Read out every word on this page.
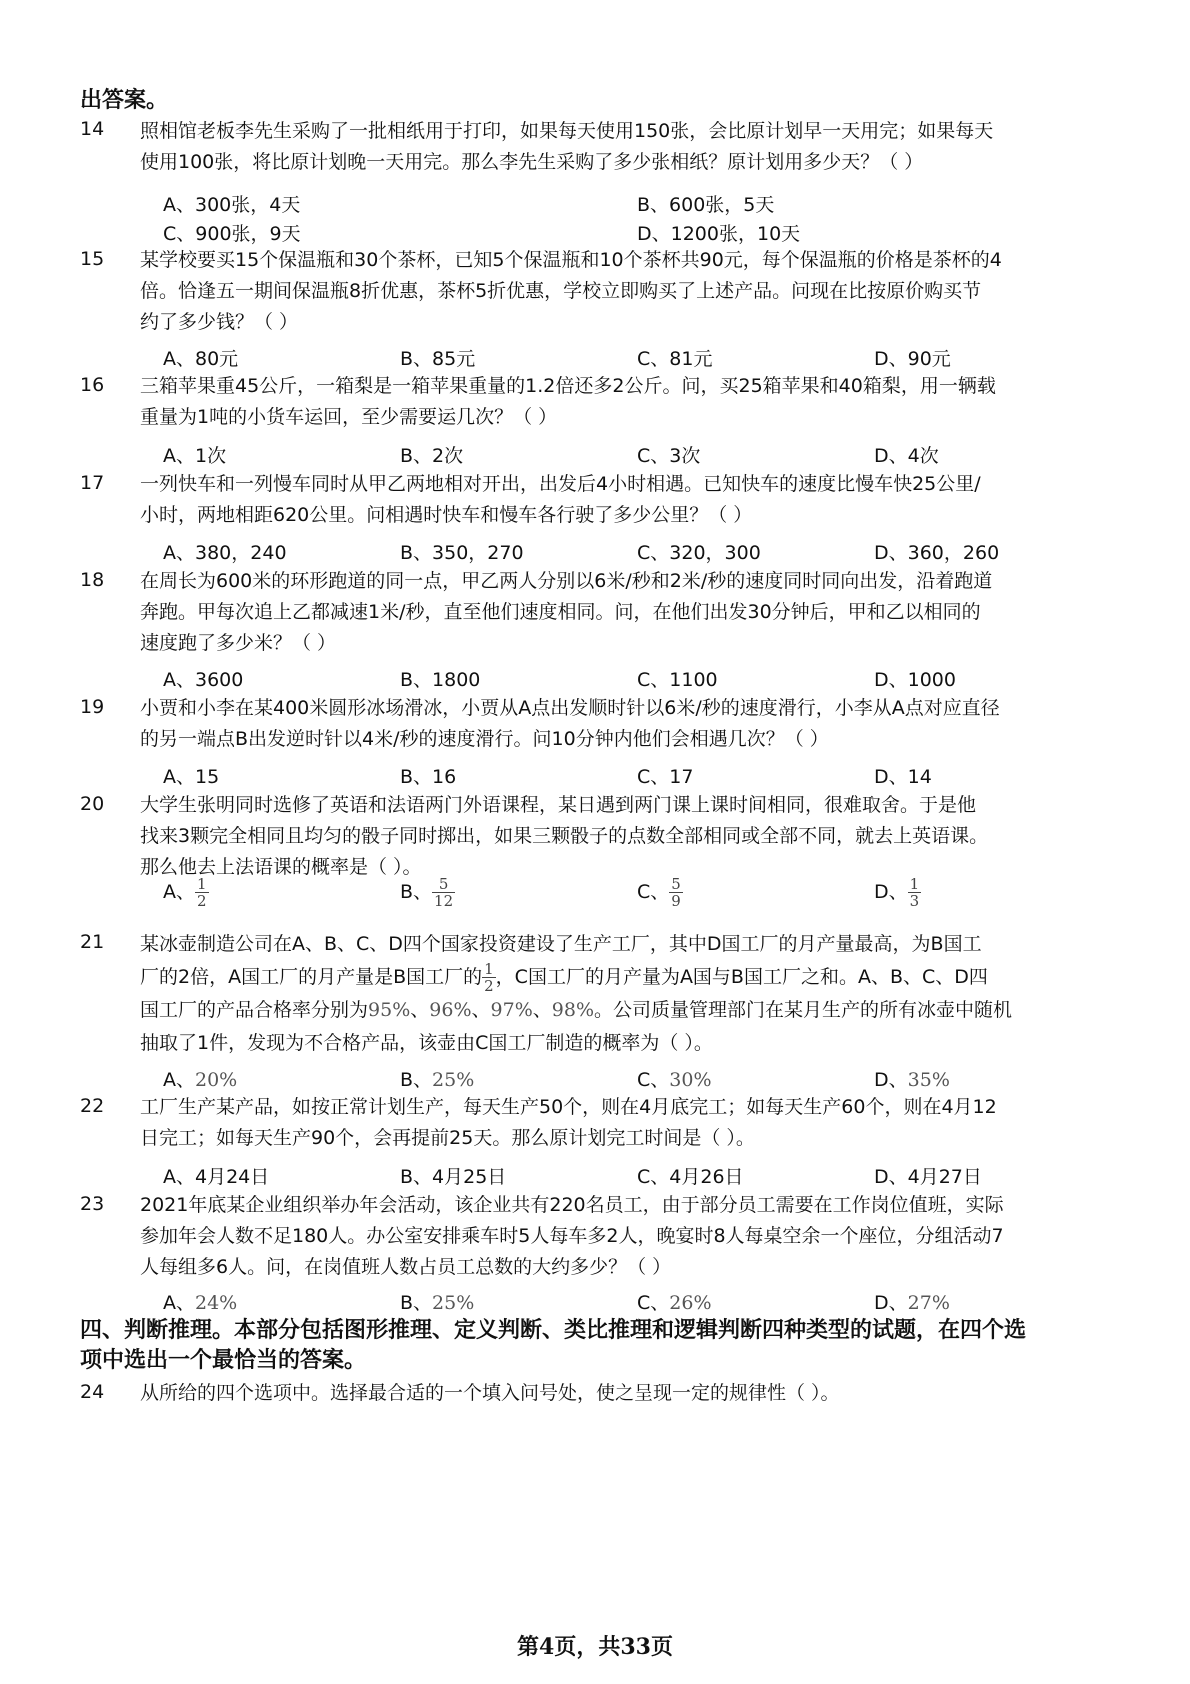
出答案。
14 照相馆老板李先生采购了一批相纸用于打印，如果每天使用150张，会比原计划早一天用完；如果每天
使用100张，将比原计划晚一天用完。那么李先生采购了多少张相纸？原计划用多少天？（ ）
A、300张，4天	B、600张，5天
C、900张，9天	D、1200张，10天
15 某学校要买15个保温瓶和30个茶杯，已知5个保温瓶和10个茶杯共90元，每个保温瓶的价格是茶杯的4
倍。恰逢五一期间保温瓶8折优惠，茶杯5折优惠，学校立即购买了上述产品。问现在比按原价购买节
约了多少钱？（ ）
A、80元	B、85元	C、81元	D、90元
16 三箱苹果重45公斤，一箱梨是一箱苹果重量的1.2倍还多2公斤。问，买25箱苹果和40箱梨，用一辆载
重量为1吨的小货车运回，至少需要运几次？（ ）
A、1次	B、2次	C、3次	D、4次
17 一列快车和一列慢车同时从甲乙两地相对开出，出发后4小时相遇。已知快车的速度比慢车快25公里/
小时，两地相距620公里。问相遇时快车和慢车各行驶了多少公里？（ ）
A、380，240	B、350，270	C、320，300	D、360，260
18 在周长为600米的环形跑道的同一点，甲乙两人分别以6米/秒和2米/秒的速度同时同向出发，沿着跑道
奔跑。甲每次追上乙都减速1米/秒，直至他们速度相同。问，在他们出发30分钟后，甲和乙以相同的
速度跑了多少米？（ ）
A、3600	B、1800	C、1100	D、1000
19 小贾和小李在某400米圆形冰场滑冰，小贾从A点出发顺时针以6米/秒的速度滑行，小李从A点对应直径
的另一端点B出发逆时针以4米/秒的速度滑行。问10分钟内他们会相遇几次？（ ）
A、15	B、16	C、17	D、14
20 大学生张明同时选修了英语和法语两门外语课程，某日遇到两门课上课时间相同，很难取舍。于是他
找来3颗完全相同且均匀的骰子同时掷出，如果三颗骰子的点数全部相同或全部不同，就去上英语课。
那么他去上法语课的概率是（ ）。
A、 $\frac{1}{2}$	B、 $\frac{5}{12}$	C、 $\frac{5}{9}$	D、 $\frac{1}{3}$
21 某冰壶制造公司在A、B、C、D四个国家投资建设了生产工厂，其中D国工厂的月产量最高，为B国工
厂的2倍，A国工厂的月产量是B国工厂的 $\frac{1}{2}$ ，C国工厂的月产量为A国与B国工厂之和。A、B、C、D四
国工厂的产品合格率分别为95%、96%、97%、98%。公司质量管理部门在某月生产的所有冰壶中随机
抽取了1件，发现为不合格产品，该壶由C国工厂制造的概率为（ ）。
A、20%	B、25%	C、30%	D、35%
22 工厂生产某产品，如按正常计划生产，每天生产50个，则在4月底完工；如每天生产60个，则在4月12
日完工；如每天生产90个，会再提前25天。那么原计划完工时间是（ ）。
A、4月24日	B、4月25日	C、4月26日	D、4月27日
23 2021年底某企业组织举办年会活动，该企业共有220名员工，由于部分员工需要在工作岗位值班，实际
参加年会人数不足180人。办公室安排乘车时5人每车多2人，晚宴时8人每桌空余一个座位，分组活动7
人每组多6人。问，在岗值班人数占员工总数的大约多少？（ ）
A、24%	B、25%	C、26%	D、27%
四、判断推理。本部分包括图形推理、定义判断、类比推理和逻辑判断四种类型的试题，在四个选
项中选出一个最恰当的答案。
24 从所给的四个选项中。选择最合适的一个填入问号处，使之呈现一定的规律性（ ）。
第4页，共33页
